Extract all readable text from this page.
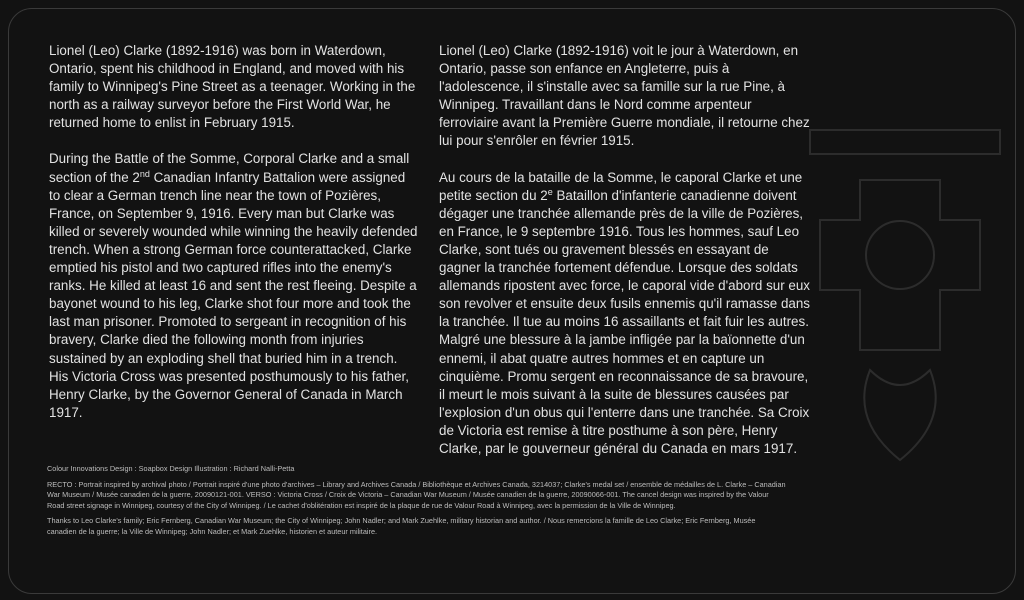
Lionel (Leo) Clarke (1892-1916) was born in Waterdown, Ontario, spent his childhood in England, and moved with his family to Winnipeg's Pine Street as a teenager. Working in the north as a railway surveyor before the First World War, he returned home to enlist in February 1915.

During the Battle of the Somme, Corporal Clarke and a small section of the 2nd Canadian Infantry Battalion were assigned to clear a German trench line near the town of Pozières, France, on September 9, 1916. Every man but Clarke was killed or severely wounded while winning the heavily defended trench. When a strong German force counterattacked, Clarke emptied his pistol and two captured rifles into the enemy's ranks. He killed at least 16 and sent the rest fleeing. Despite a bayonet wound to his leg, Clarke shot four more and took the last man prisoner. Promoted to sergeant in recognition of his bravery, Clarke died the following month from injuries sustained by an exploding shell that buried him in a trench. His Victoria Cross was presented posthumously to his father, Henry Clarke, by the Governor General of Canada in March 1917.

Lionel (Leo) Clarke (1892-1916) voit le jour à Waterdown, en Ontario, passe son enfance en Angleterre, puis à l'adolescence, il s'installe avec sa famille sur la rue Pine, à Winnipeg. Travaillant dans le Nord comme arpenteur ferroviaire avant la Première Guerre mondiale, il retourne chez lui pour s'enrôler en février 1915.

Au cours de la bataille de la Somme, le caporal Clarke et une petite section du 2e Bataillon d'infanterie canadienne doivent dégager une tranchée allemande près de la ville de Pozières, en France, le 9 septembre 1916. Tous les hommes, sauf Leo Clarke, sont tués ou gravement blessés en essayant de gagner la tranchée fortement défendue. Lorsque des soldats allemands ripostent avec force, le caporal vide d'abord sur eux son revolver et ensuite deux fusils ennemis qu'il ramasse dans la tranchée. Il tue au moins 16 assaillants et fait fuir les autres. Malgré une blessure à la jambe infligée par la baïonnette d'un ennemi, il abat quatre autres hommes et en capture un cinquième. Promu sergent en reconnaissance de sa bravoure, il meurt le mois suivant à la suite de blessures causées par l'explosion d'un obus qui l'enterre dans une tranchée. Sa Croix de Victoria est remise à titre posthume à son père, Henry Clarke, par le gouverneur général du Canada en mars 1917.

Colour Innovations Design : Soapbox Design Illustration : Richard Nalli-Petta

RECTO : Portrait inspired by archival photo / Portrait inspiré d'une photo d'archives – Library and Archives Canada / Bibliothèque et Archives Canada, 3214037; Clarke's medal set / ensemble de médailles de L. Clarke – Canadian War Museum / Musée canadien de la guerre, 20090121-001. VERSO : Victoria Cross / Croix de Victoria – Canadian War Museum / Musée canadien de la guerre, 20090066-001. The cancel design was inspired by the Valour Road street signage in Winnipeg, courtesy of the City of Winnipeg. / Le cachet d'oblitération est inspiré de la plaque de rue de Valour Road à Winnipeg, avec la permission de la Ville de Winnipeg.

Thanks to Leo Clarke's family; Eric Fernberg, Canadian War Museum; the City of Winnipeg; John Nadler; and Mark Zuehlke, military historian and author. / Nous remercions la famille de Leo Clarke; Eric Fernberg, Musée canadien de la guerre; la Ville de Winnipeg; John Nadler; et Mark Zuehlke, historien et auteur militaire.
